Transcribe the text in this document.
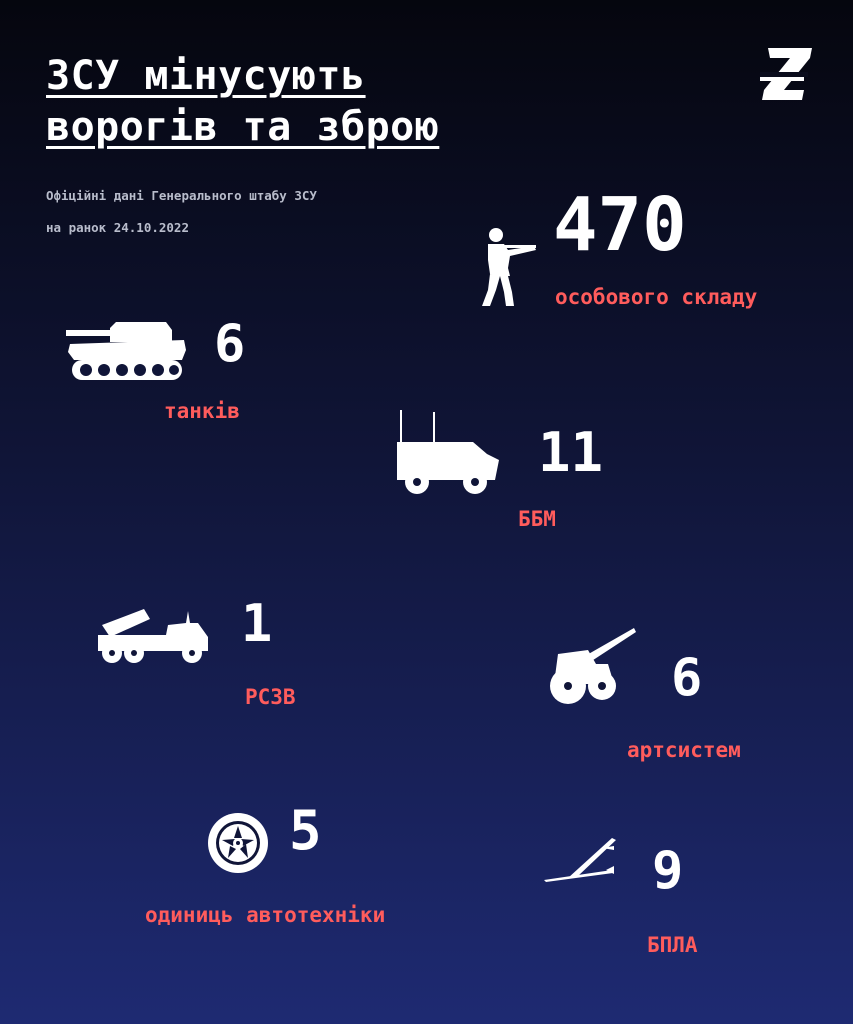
ЗСУ мінусують
ворогів та зброю
Офіційні дані Генерального штабу ЗСУ
на ранок 24.10.2022	470
особового складу
6
танків
11
ББМ
1
РСЗВ	6
артсистем
5
одиниць автотехніки
9
БПЛА
